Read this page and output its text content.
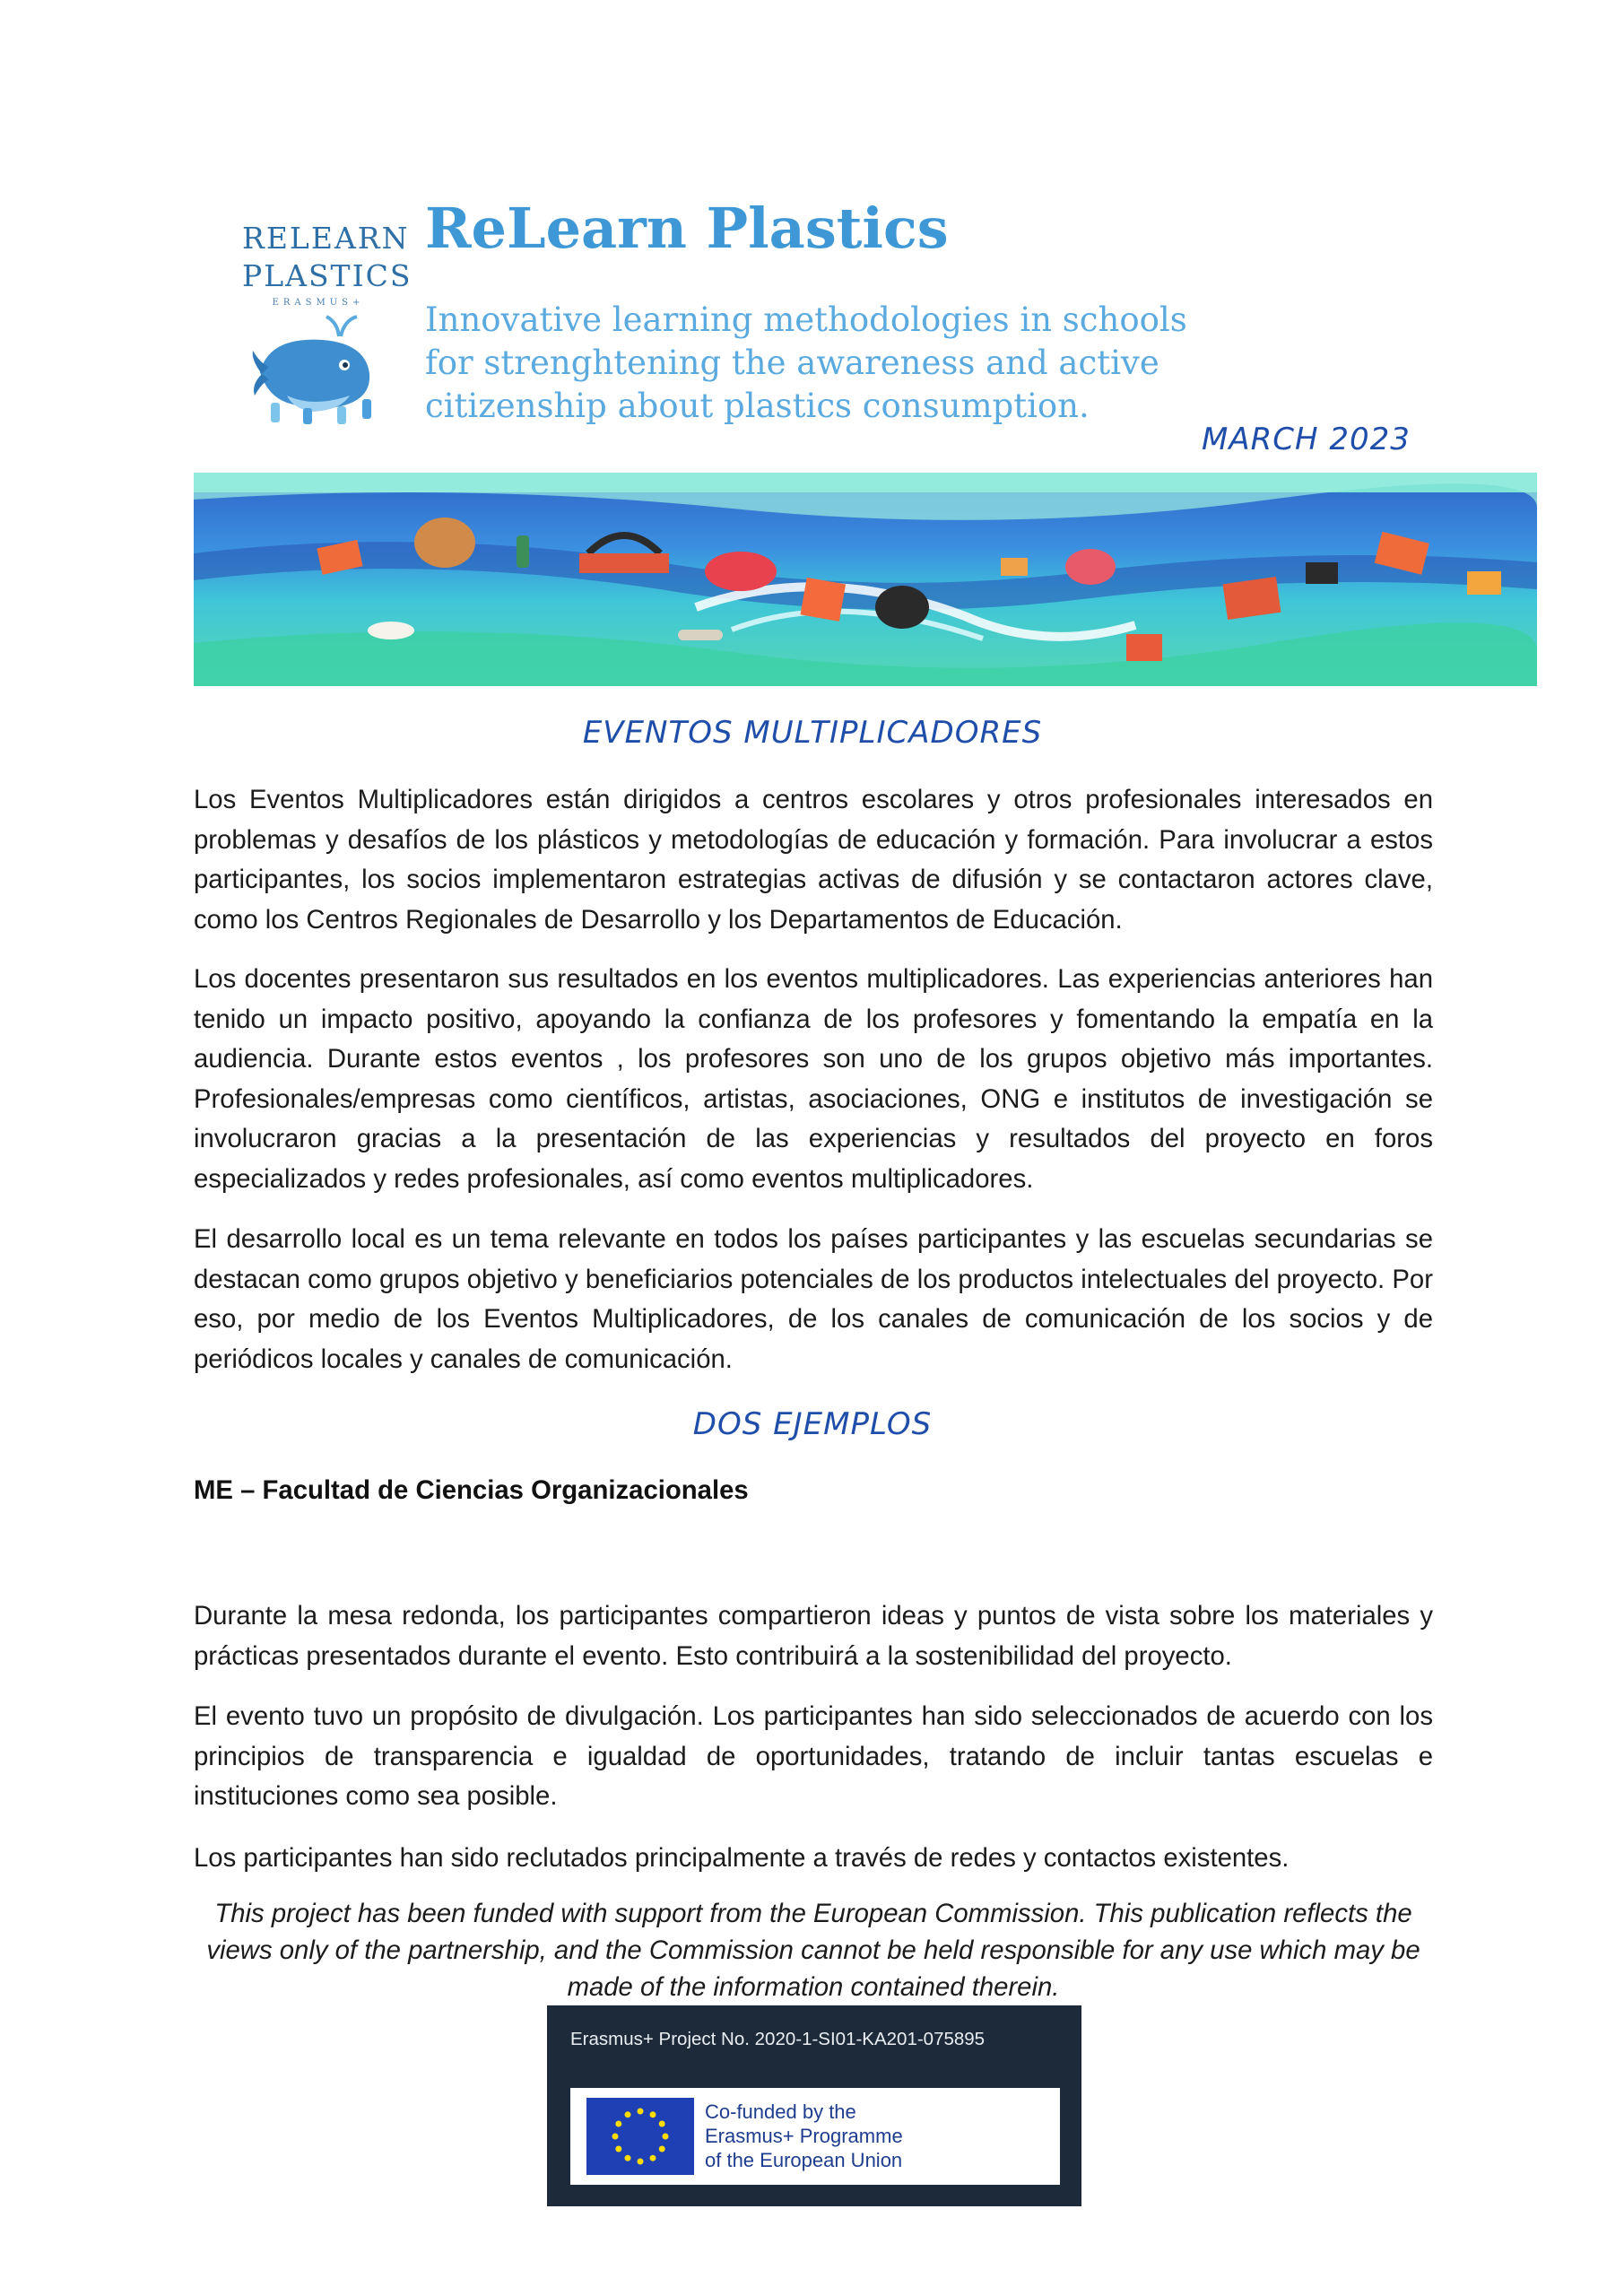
RELEARN
PLASTICS
ERASMUS+
ReLearn Plastics
Innovative learning methodologies in schools
for strenghtening the awareness and active
citizenship about plastics consumption.
MARCH 2023
EVENTOS MULTIPLICADORES

Los Eventos Multiplicadores están dirigidos a centros escolares y otros profesionales interesados en problemas y desafíos de los plásticos y metodologías de educación y formación. Para involucrar a estos participantes, los socios implementaron estrategias activas de difusión y se contactaron actores clave, como los Centros Regionales de Desarrollo y los Departamentos de Educación.

Los docentes presentaron sus resultados en los eventos multiplicadores. Las experiencias anteriores han tenido un impacto positivo, apoyando la confianza de los profesores y fomentando la empatía en la audiencia. Durante estos eventos , los profesores son uno de los grupos objetivo más importantes. Profesionales/empresas como científicos, artistas, asociaciones, ONG e institutos de investigación se involucraron gracias a la presentación de las experiencias y resultados del proyecto en foros especializados y redes profesionales, así como eventos multiplicadores.

El desarrollo local es un tema relevante en todos los países participantes y las escuelas secundarias se destacan como grupos objetivo y beneficiarios potenciales de los productos intelectuales del proyecto. Por eso, por medio de los Eventos Multiplicadores, de los canales de comunicación de los socios y de periódicos locales y canales de comunicación.

DOS EJEMPLOS
ME – Facultad de Ciencias Organizacionales

Durante la mesa redonda, los participantes compartieron ideas y puntos de vista sobre los materiales y prácticas presentados durante el evento. Esto contribuirá a la sostenibilidad del proyecto.

El evento tuvo un propósito de divulgación. Los participantes han sido seleccionados de acuerdo con los principios de transparencia e igualdad de oportunidades, tratando de incluir tantas escuelas e instituciones como sea posible.

Los participantes han sido reclutados principalmente a través de redes y contactos existentes.

This project has been funded with support from the European Commission. This publication reflects the views only of the partnership, and the Commission cannot be held responsible for any use which may be made of the information contained therein.
Erasmus+ Project No. 2020-1-SI01-KA201-075895
Co-funded by the
Erasmus+ Programme
of the European Union
